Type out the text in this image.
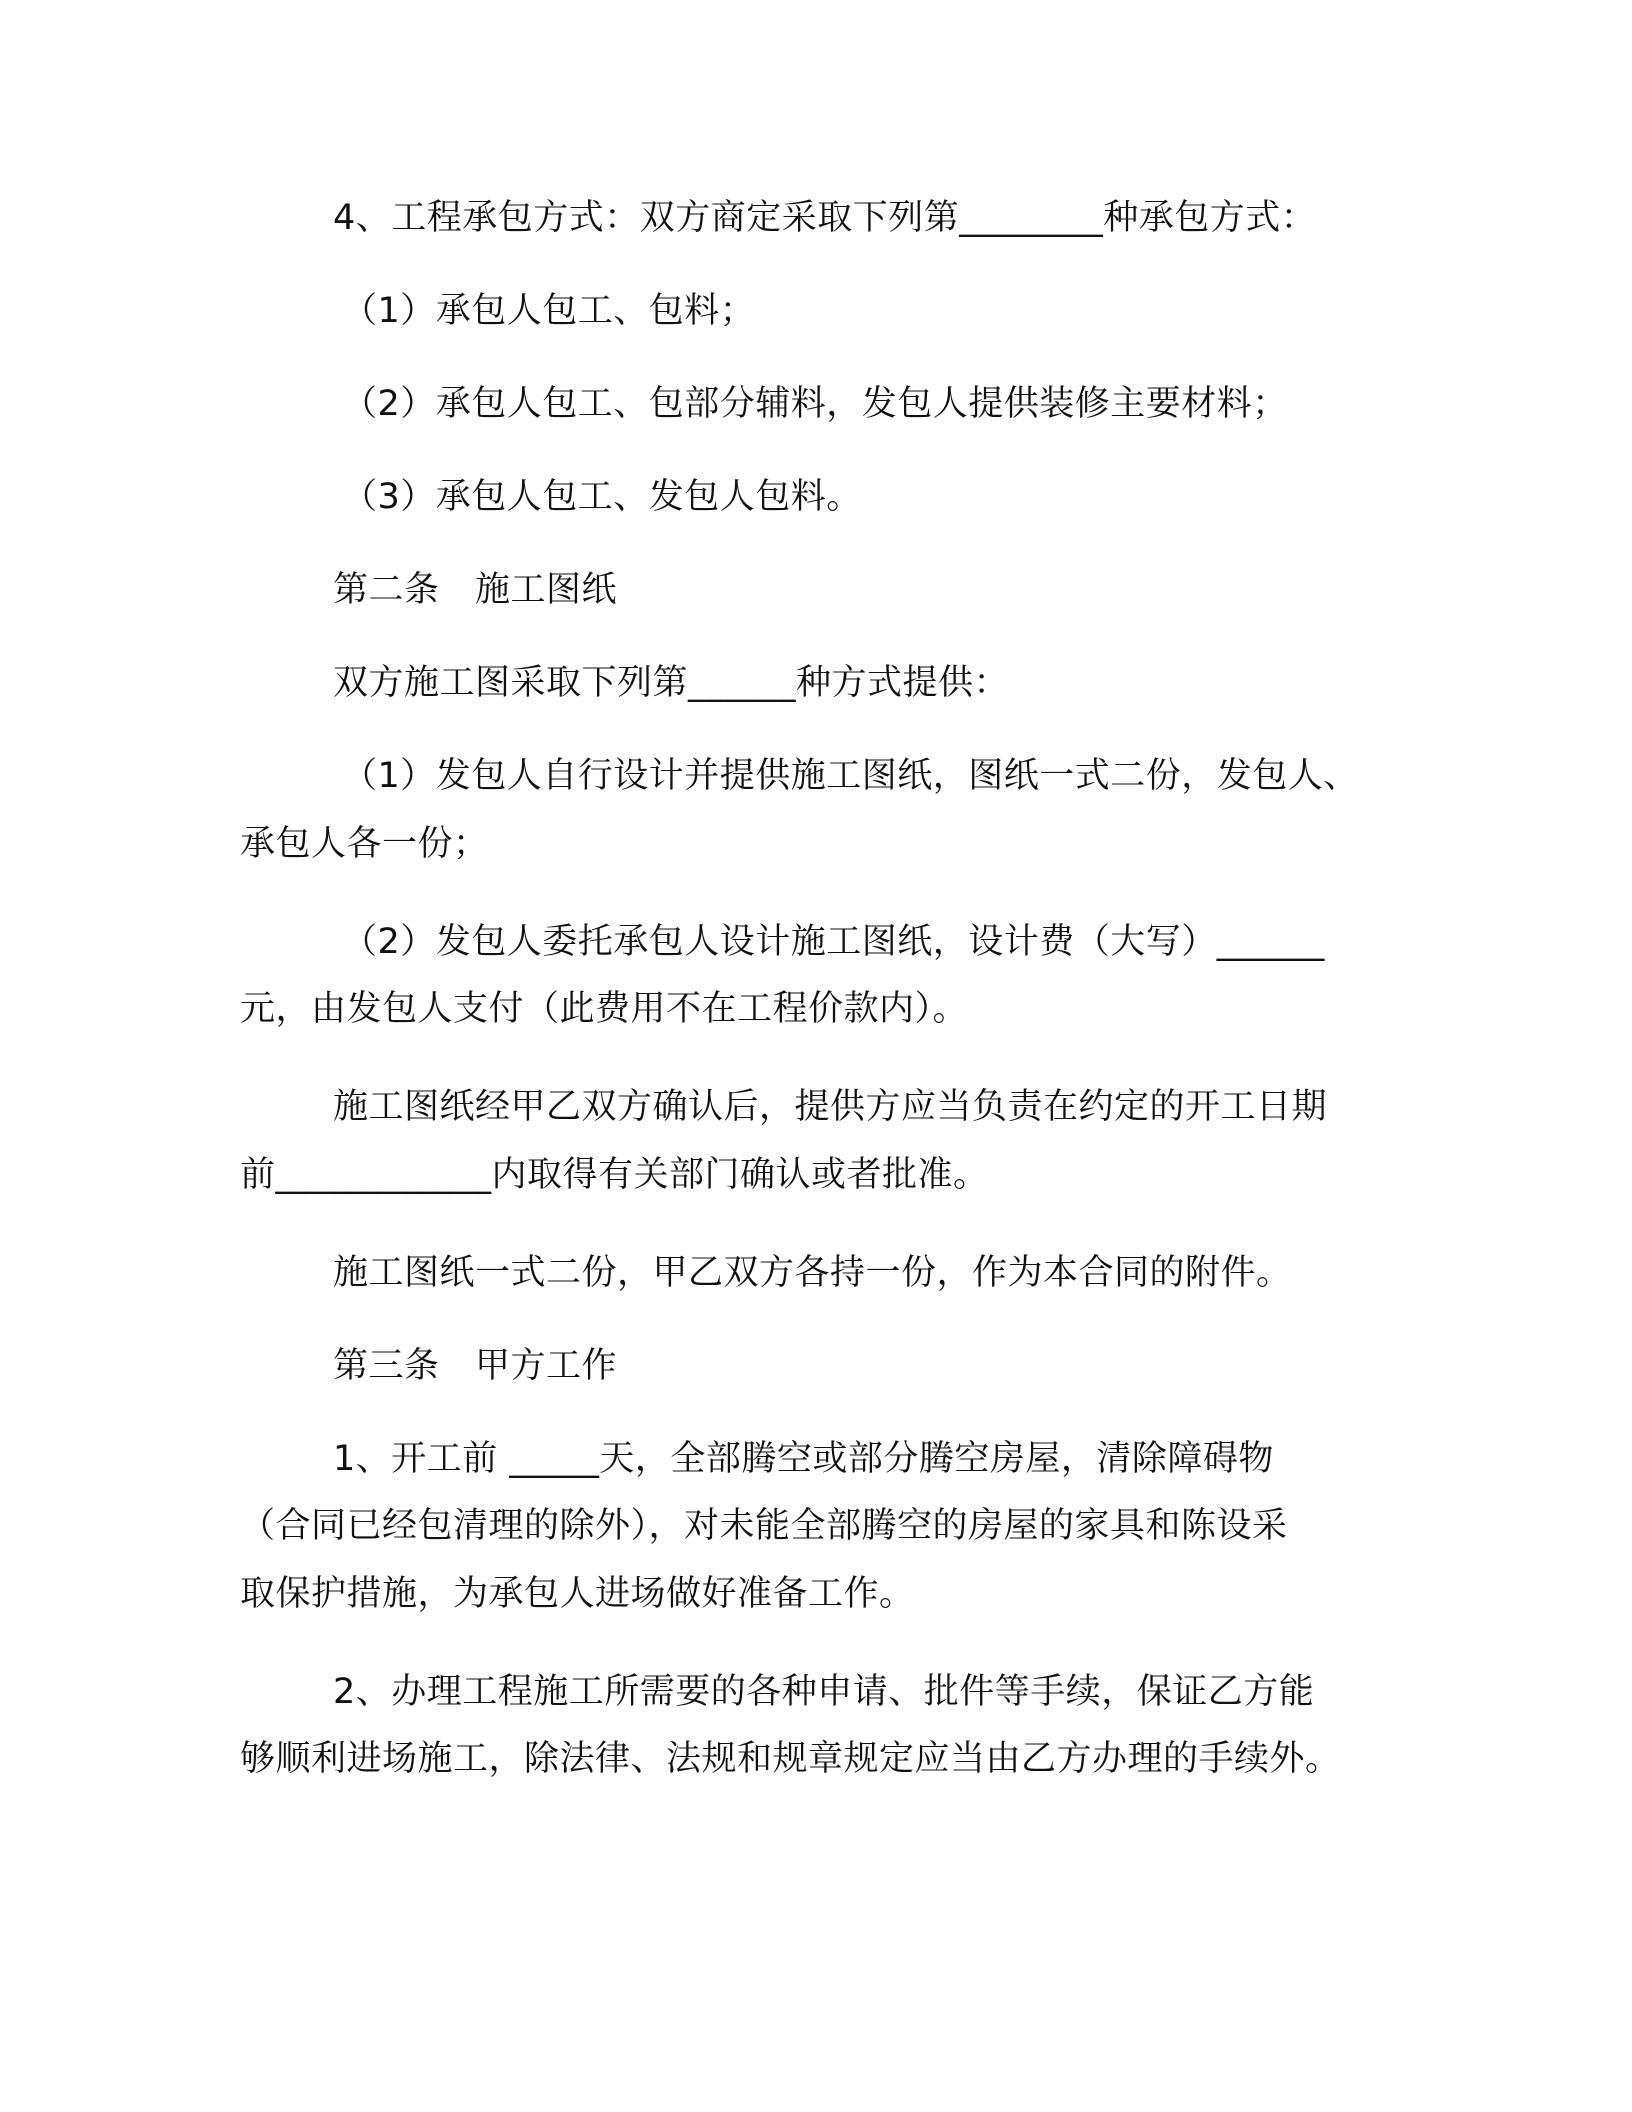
4、工程承包方式：双方商定采取下列第________种承包方式：
（1）承包人包工、包料；
（2）承包人包工、包部分辅料，发包人提供装修主要材料；
（3）承包人包工、发包人包料。
第二条　施工图纸
双方施工图采取下列第______种方式提供：
（1）发包人自行设计并提供施工图纸，图纸一式二份，发包人、
承包人各一份；
（2）发包人委托承包人设计施工图纸，设计费（大写）______
元，由发包人支付（此费用不在工程价款内）。
施工图纸经甲乙双方确认后，提供方应当负责在约定的开工日期
前____________内取得有关部门确认或者批准。
施工图纸一式二份，甲乙双方各持一份，作为本合同的附件。
第三条　甲方工作
1、开工前 _____天，全部腾空或部分腾空房屋，清除障碍物
（合同已经包清理的除外），对未能全部腾空的房屋的家具和陈设采
取保护措施，为承包人进场做好准备工作。
2、办理工程施工所需要的各种申请、批件等手续，保证乙方能
够顺利进场施工，除法律、法规和规章规定应当由乙方办理的手续外。
